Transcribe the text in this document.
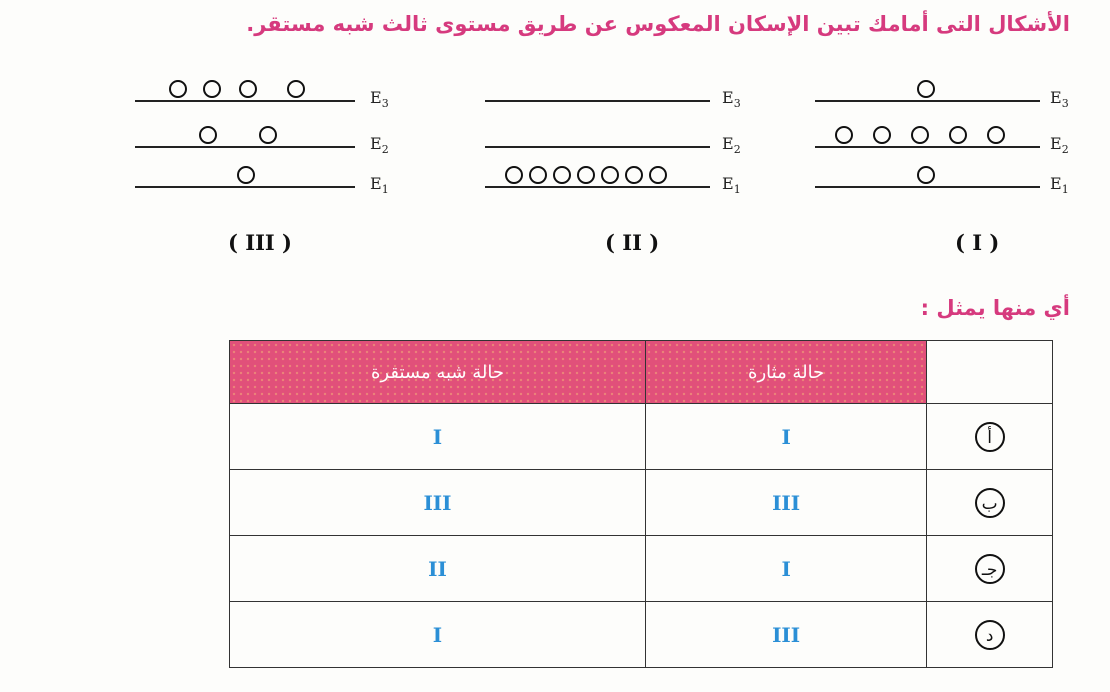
الأشكال التى أمامك تبين الإسكان المعكوس عن طريق مستوى ثالث شبه مستقر.
$E_3$
$E_2$
$E_1$
( III )
$E_3$
$E_2$
$E_1$
( II )
$E_3$
$E_2$
$E_1$
( I )
أي منها يمثل :
حالة شبه مستقرة	حالة مثارة	
I	I	أ
III	III	ب
II	I	جـ
I	III	د
